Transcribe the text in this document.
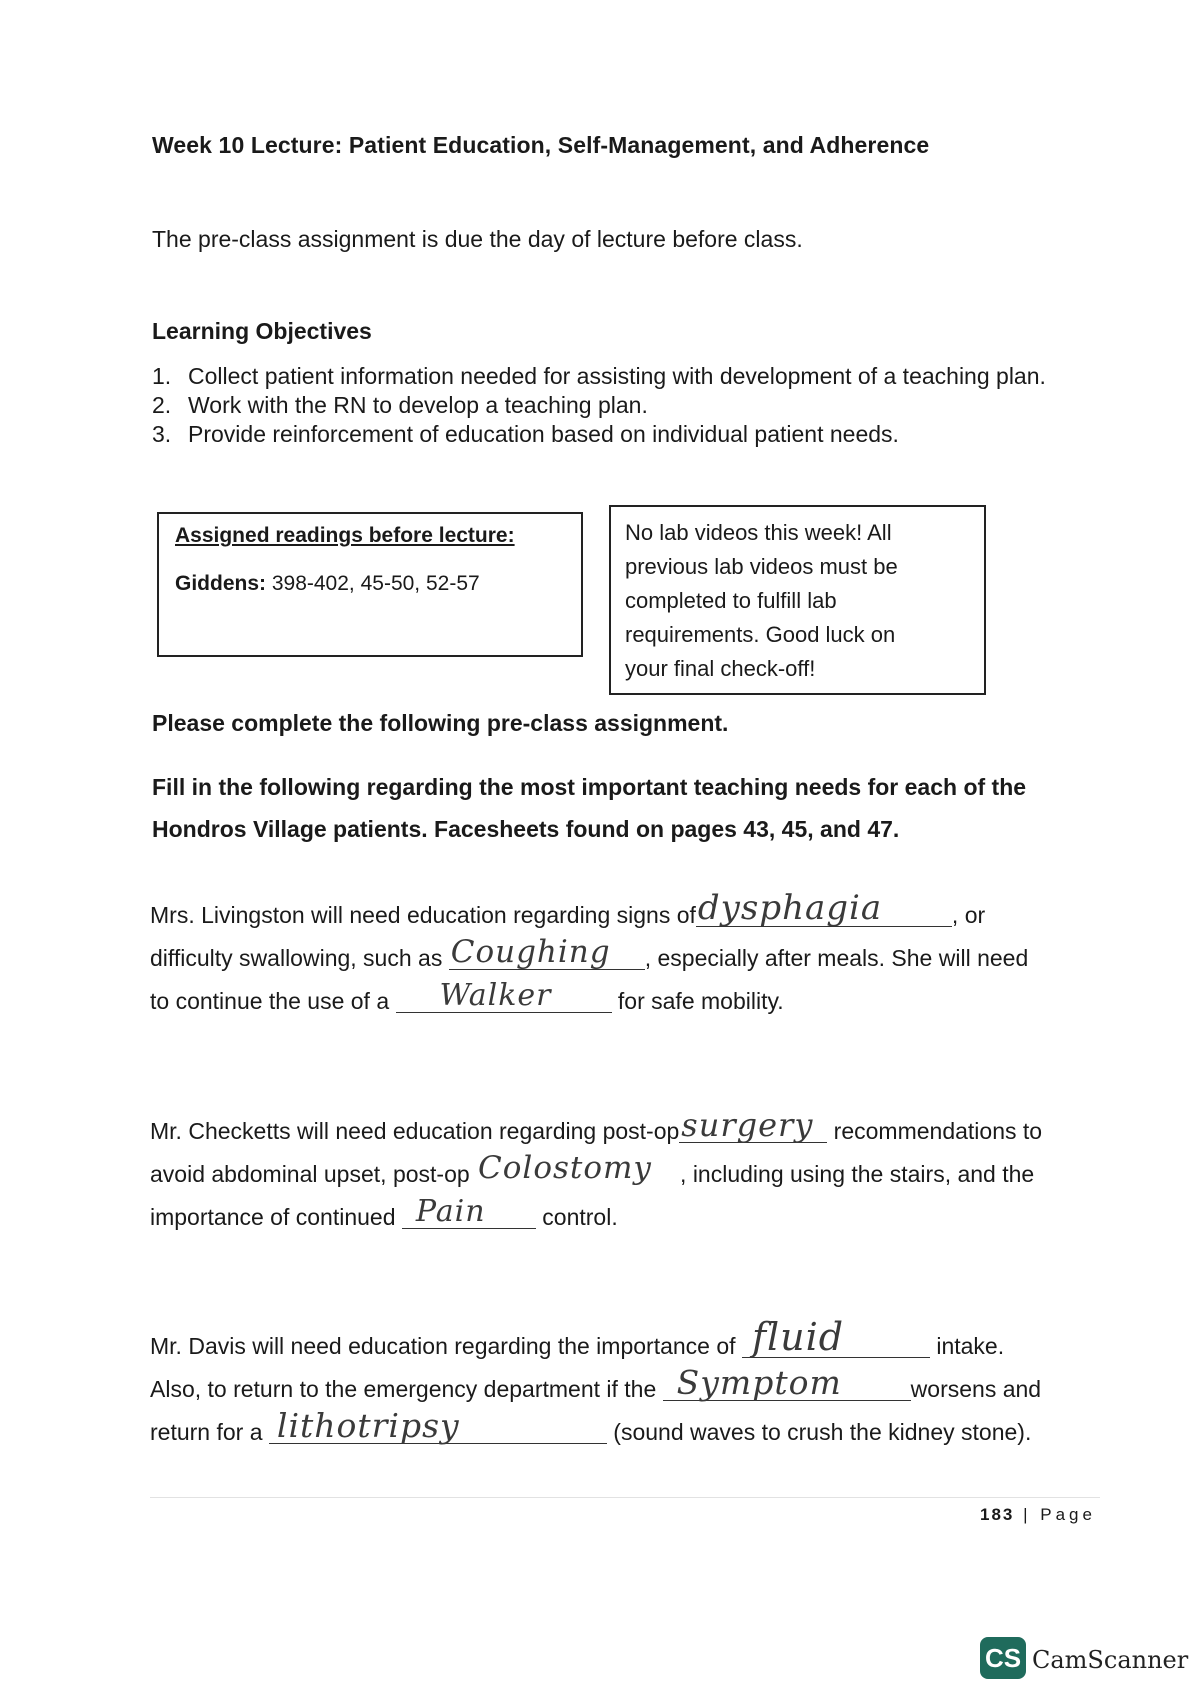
Week 10 Lecture: Patient Education, Self-Management, and Adherence
The pre-class assignment is due the day of lecture before class.
Learning Objectives
1. Collect patient information needed for assisting with development of a teaching plan.
2. Work with the RN to develop a teaching plan.
3. Provide reinforcement of education based on individual patient needs.
Assigned readings before lecture:
Giddens: 398-402, 45-50, 52-57
No lab videos this week! All
previous lab videos must be
completed to fulfill lab
requirements. Good luck on
your final check-off!
Please complete the following pre-class assignment.
Fill in the following regarding the most important teaching needs for each of the
Hondros Village patients. Facesheets found on pages 43, 45, and 47.
Mrs. Livingston will need education regarding signs of dysphagia	, or
difficulty swallowing, such as Coughing , especially after meals. She will need
to continue the use of a Walker	for safe mobility.
Mr. Checketts will need education regarding post-op surgery recommendations to
avoid abdominal upset, post-op Colostomy , including using the stairs, and the
importance of continued Pain control.
Mr. Davis will need education regarding the importance of fluid	intake.
Also, to return to the emergency department if the Symptom	worsens and
return for a lithotripsy	(sound waves to crush the kidney stone).
183 | Page
CS CamScanner
